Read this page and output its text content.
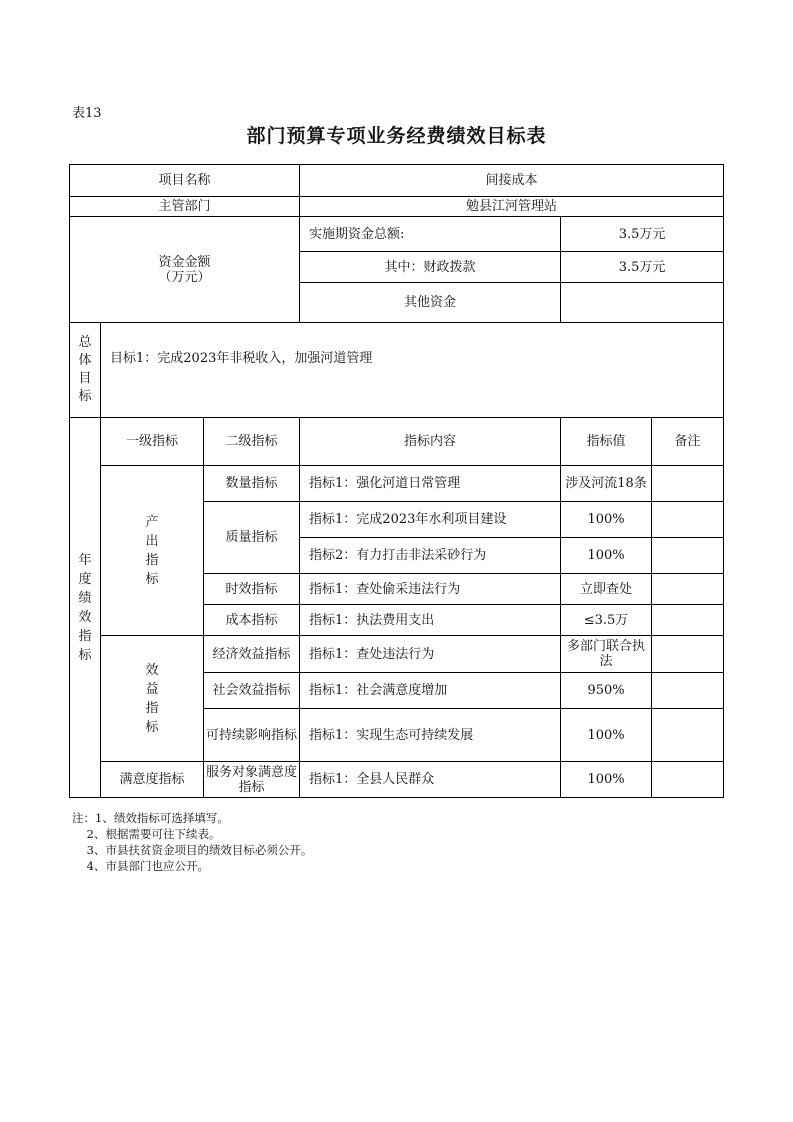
表13
部门预算专项业务经费绩效目标表
项目名称			间接成本		
主管部门			勉县江河管理站		

资金金额
（万元）			实施期资金总额:	3.5万元	
			其中：财政拨款	3.5万元	
			其他资金		

总体目标	目标1：完成2023年非税收入，加强河道管理				

年度绩效指标	一级指标	二级指标	指标内容	指标值	备注

	产出指标	数量指标	指标1：强化河道日常管理	涉及河流18条	
		质量指标	指标1：完成2023年水利项目建设	100%	
			指标2：有力打击非法采砂行为	100%	
		时效指标	指标1：查处偷采违法行为	立即查处	
		成本指标	指标1：执法费用支出	≤3.5万	

	效益指标	经济效益指标	指标1：查处违法行为	多部门联合执法	
		社会效益指标	指标1：社会满意度增加	950%	
		可持续影响指标	指标1：实现生态可持续发展	100%	
	满意度指标	服务对象满意度指标	指标1：全县人民群众	100%	
注：1、绩效指标可选择填写。
2、根据需要可往下续表。
3、市县扶贫资金项目的绩效目标必须公开。
4、市县部门也应公开。
